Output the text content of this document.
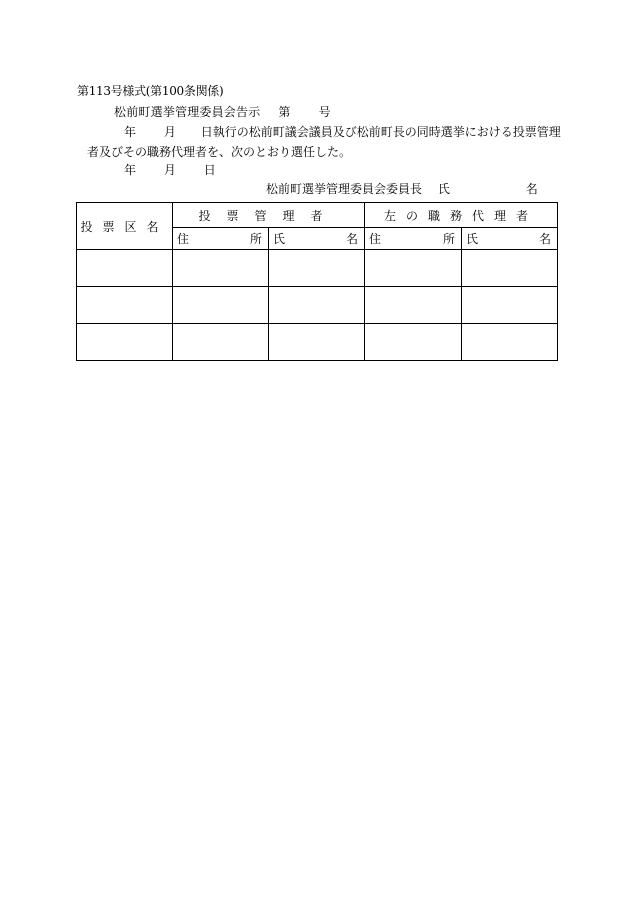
第113号様式(第100条関係)
松前町選挙管理委員会告示 第 号
年 月 日執行の松前町議会議員及び松前町長の同時選挙における投票管理
者及びその職務代理者を、次のとおり選任した。
年 月 日
松前町選挙管理委員会委員長 氏	名
投票区名	投票管理者		左の職務代理者	

	住 所	氏 名	住 所	氏 名
